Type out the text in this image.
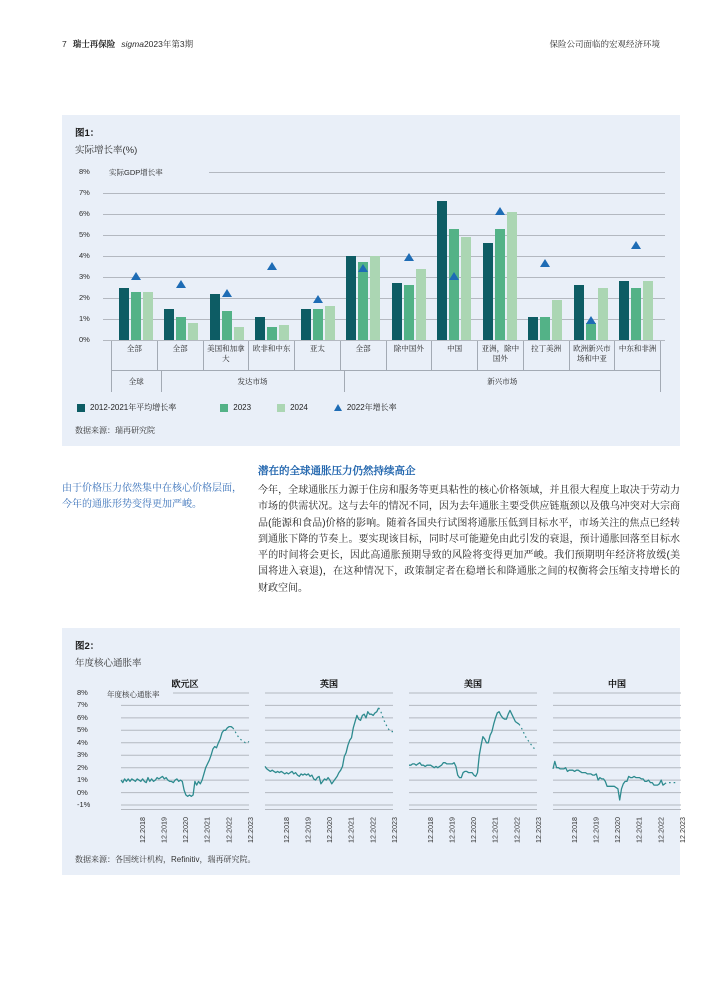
7 瑞士再保险 sigma2023年第3期	保险公司面临的宏观经济环境
图1：
实际增长率(%)
8%
7%
6%
5%
4%
3%
2%
1%
0%
实际GDP增长率
全部	全部	美国和加拿大
欧非和中东	亚太	全部	除中国外	中国	亚洲，除中国外
拉丁美洲	欧洲新兴市场和中亚
中东和非洲
全球	发达市场	新兴市场
2012-2021年平均增长率	2023	2024	2022年增长率
数据来源：瑞再研究院
由于价格压力依然集中在核心价格层面，今年的通胀形势变得更加严峻。
潜在的全球通胀压力仍然持续高企
今年，全球通胀压力源于住房和服务等更具粘性的核心价格领域，并且很大程度上取决于劳动力市场的供需状况。这与去年的情况不同，因为去年通胀主要受供应链瓶颈以及俄乌冲突对大宗商品(能源和食品)价格的影响。随着各国央行试图将通胀压低到目标水平，市场关注的焦点已经转到通胀下降的节奏上。要实现该目标，同时尽可能避免由此引发的衰退，预计通胀回落至目标水平的时间将会更长，因此高通胀预期导致的风险将变得更加严峻。我们预期明年经济将放缓(美国将进入衰退)，在这种情况下，政策制定者在稳增长和降通胀之间的权衡将会压缩支持增长的财政空间。
图2：
年度核心通胀率
8%
7%
6%
5%
4%
3%
2%
1%
0%
-1%
年度核心通胀率
欧元区
12.2018 12.2019 12.2020 12.2021 12.2022 12.2023
英国
12.2018 12.2019 12.2020 12.2021 12.2022 12.2023
美国
12.2018 12.2019 12.2020 12.2021 12.2022 12.2023
中国
12.2018 12.2019 12.2020 12.2021 12.2022 12.2023
数据来源：各国统计机构，Refinitiv，瑞再研究院。
